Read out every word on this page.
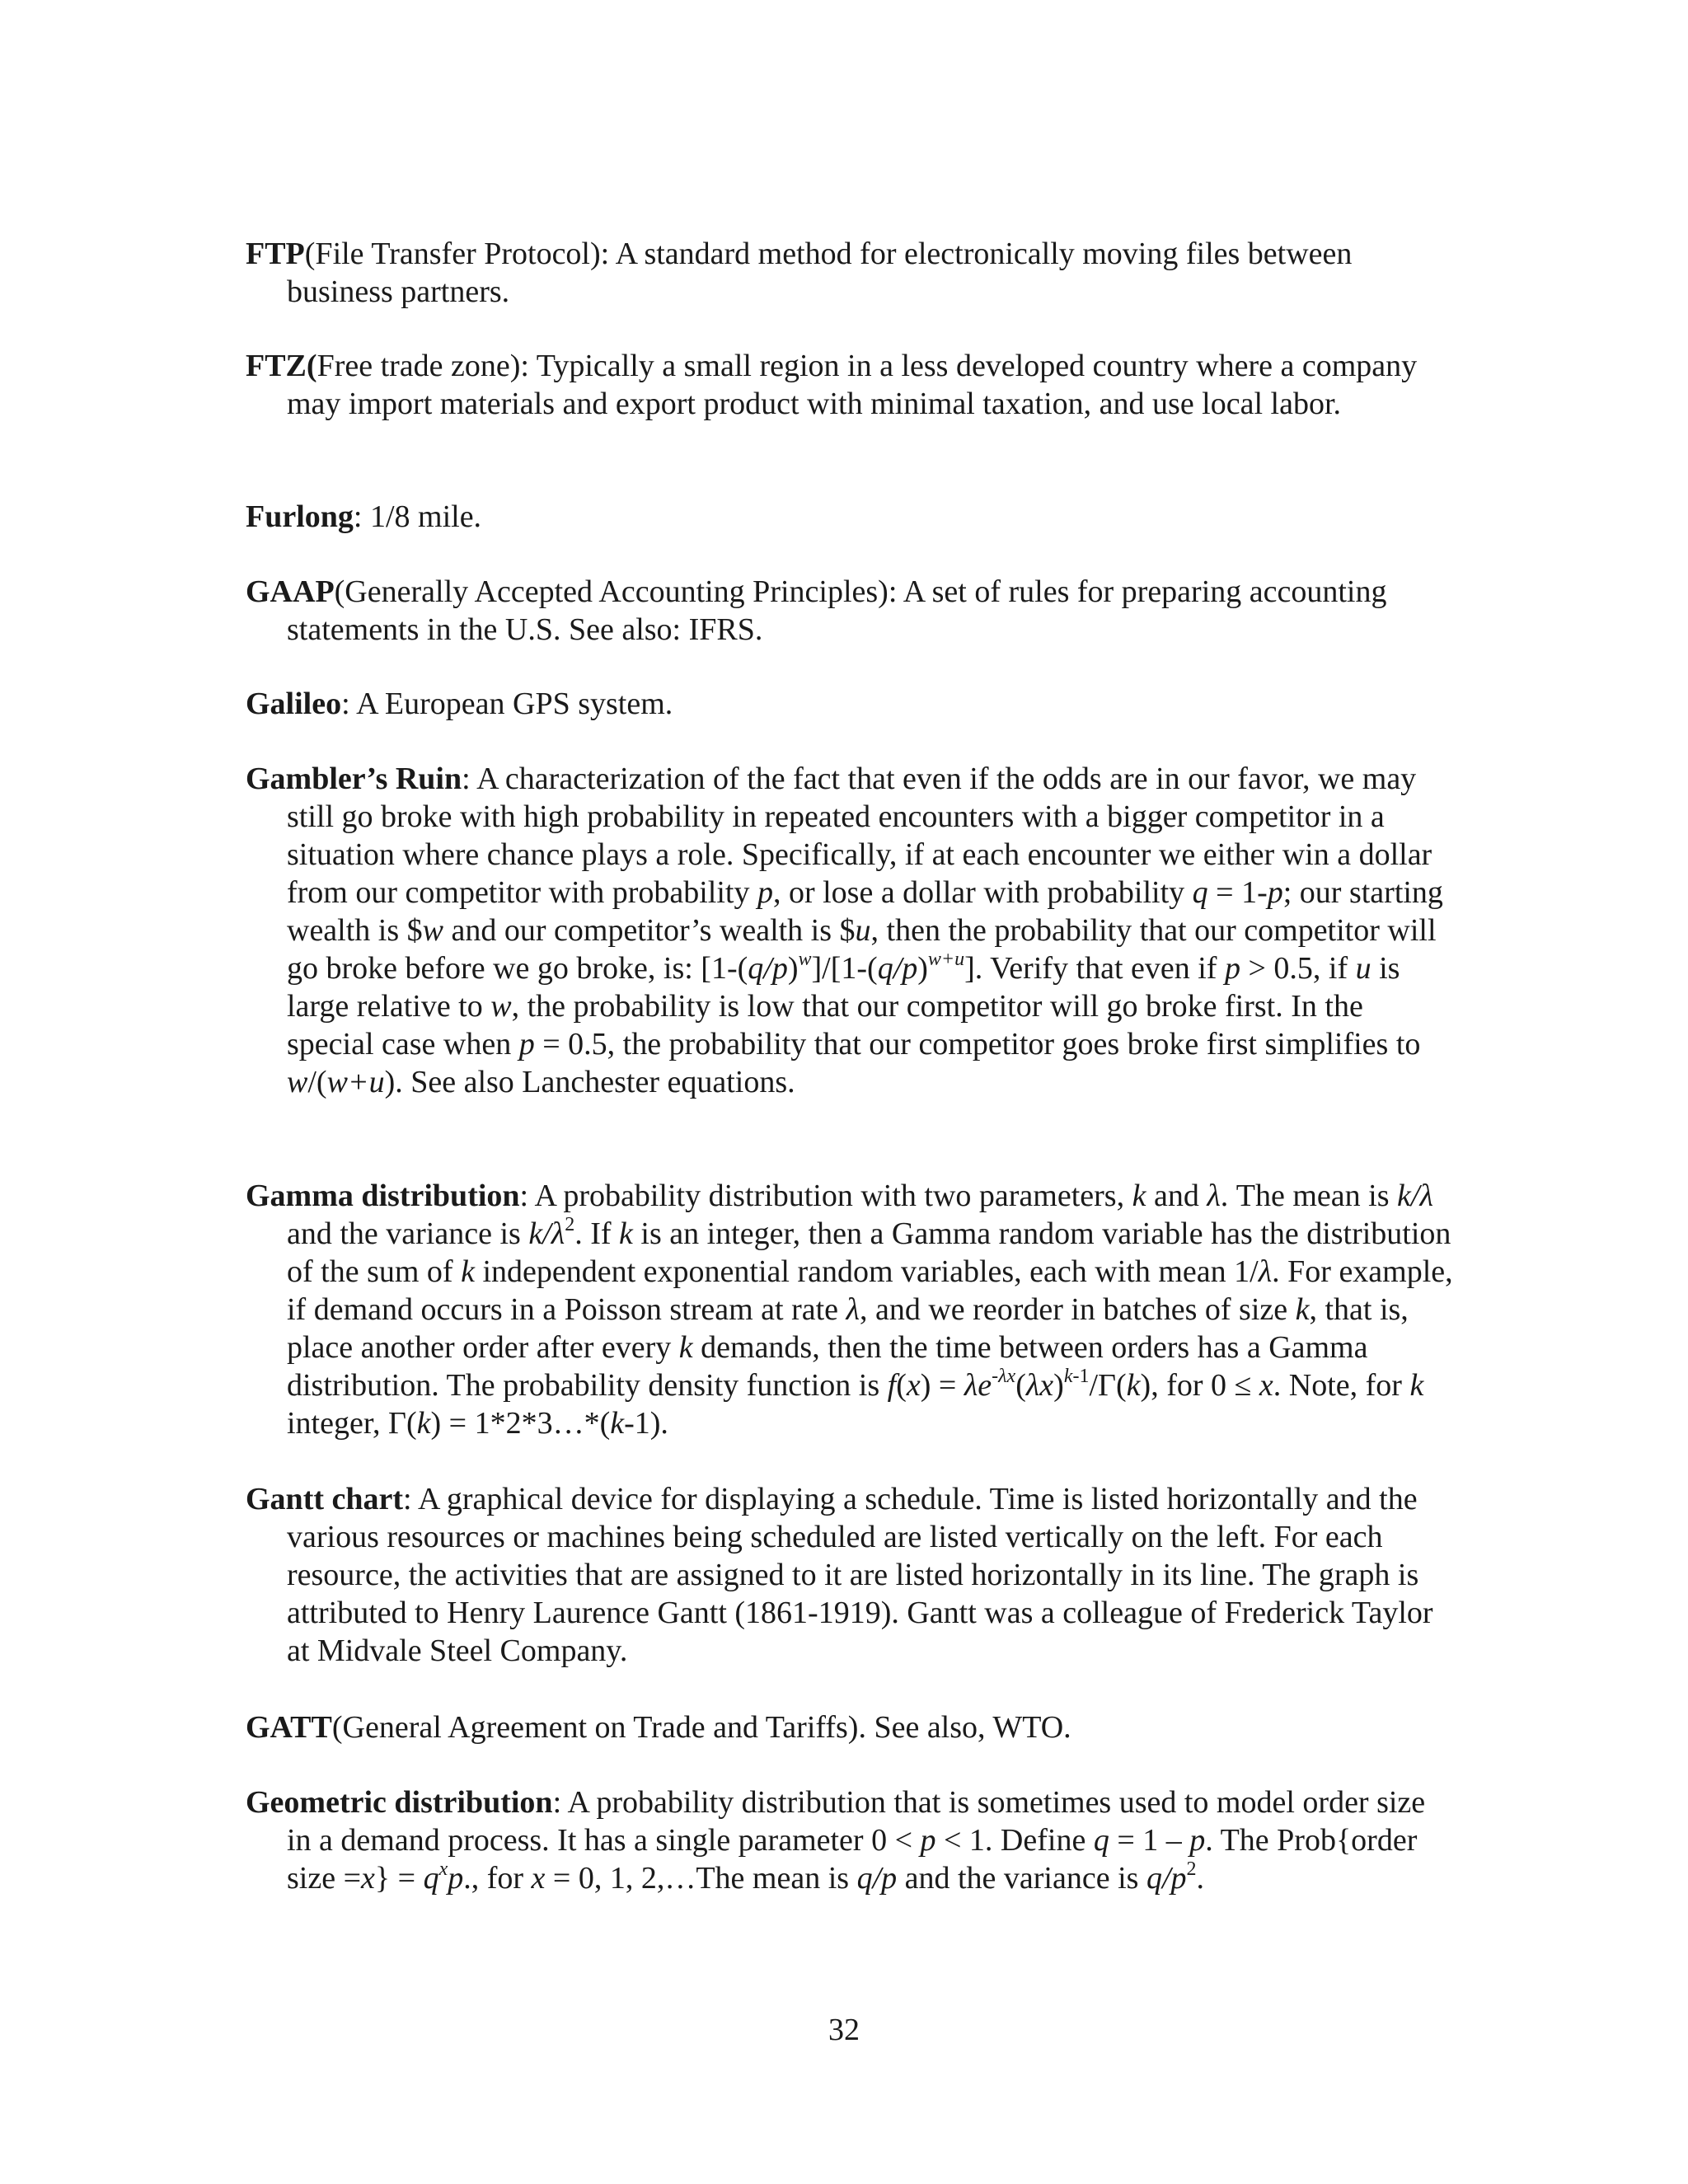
FTP(File Transfer Protocol): A standard method for electronically moving files between business partners.

FTZ(Free trade zone): Typically a small region in a less developed country where a company may import materials and export product with minimal taxation, and use local labor.

Furlong: 1/8 mile.

GAAP(Generally Accepted Accounting Principles): A set of rules for preparing accounting statements in the U.S. See also: IFRS.

Galileo: A European GPS system.

Gambler’s Ruin: A characterization of the fact that even if the odds are in our favor, we may still go broke with high probability in repeated encounters with a bigger competitor in a situation where chance plays a role. Specifically, if at each encounter we either win a dollar from our competitor with probability p, or lose a dollar with probability q = 1-p; our starting wealth is $w and our competitor’s wealth is $u, then the probability that our competitor will go broke before we go broke, is: $[1-(q/p)^w]/[1-(q/p)^{w+u}]$. Verify that even if p > 0.5, if u is large relative to w, the probability is low that our competitor will go broke first. In the special case when p = 0.5, the probability that our competitor goes broke first simplifies to w/(w+u). See also Lanchester equations.

Gamma distribution: A probability distribution with two parameters, k and λ. The mean is k/λ and the variance is $k/\lambda^2$. If k is an integer, then a Gamma random variable has the distribution of the sum of k independent exponential random variables, each with mean 1/λ. For example, if demand occurs in a Poisson stream at rate λ, and we reorder in batches of size k, that is, place another order after every k demands, then the time between orders has a Gamma distribution. The probability density function is $f(x) = \lambda e^{-\lambda x}(\lambda x)^{k-1}/\Gamma(k)$, for 0 ≤ x. Note, for k integer, Γ(k) = 1*2*3…*(k-1).

Gantt chart: A graphical device for displaying a schedule. Time is listed horizontally and the various resources or machines being scheduled are listed vertically on the left. For each resource, the activities that are assigned to it are listed horizontally in its line. The graph is attributed to Henry Laurence Gantt (1861-1919). Gantt was a colleague of Frederick Taylor at Midvale Steel Company.

GATT(General Agreement on Trade and Tariffs). See also, WTO.

Geometric distribution: A probability distribution that is sometimes used to model order size in a demand process. It has a single parameter 0 < p < 1. Define q = 1 – p. The Prob{order size $=x\} = q^xp$., for x = 0, 1, 2,…The mean is q/p and the variance is $q/p^2$.

32
